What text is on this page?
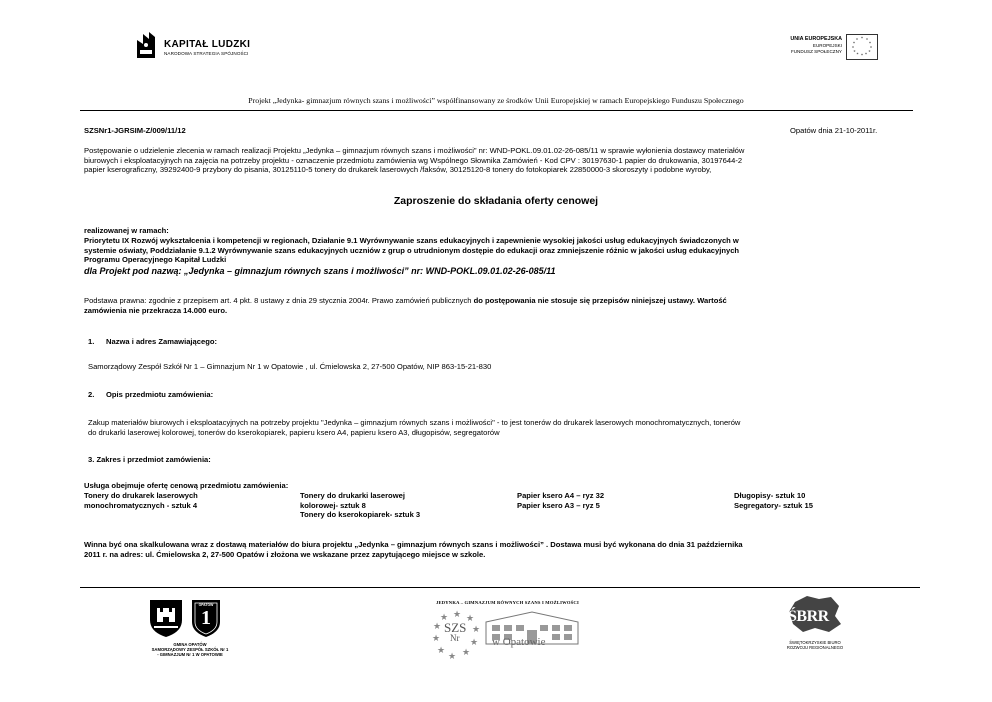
KAPITAŁ LUDZKI
NARODOWA STRATEGIA SPÓJNOŚCI
UNIA EUROPEJSKA
EUROPEJSKI
FUNDUSZ SPOŁECZNY
* *
*
*
*
*
*
*
*
*
*
*
Projekt „Jedynka- gimnazjum równych szans i możliwości” współfinansowany ze środków Unii Europejskiej w ramach Europejskiego Funduszu Społecznego
SZSNr1-JGRSIM-Z/009/11/12	Opatów dnia 21-10-2011r.
Postępowanie o udzielenie zlecenia w ramach realizacji Projektu „Jedynka – gimnazjum równych szans i możliwości” nr: WND-POKL.09.01.02-26-085/11 w sprawie wyłonienia dostawcy materiałów
biurowych i eksploatacyjnych na zajęcia na potrzeby projektu - oznaczenie przedmiotu zamówienia wg Wspólnego Słownika Zamówień - Kod CPV : 30197630-1 papier do drukowania, 30197644-2
papier kserograficzny, 39292400-9 przybory do pisania, 30125110-5 tonery do drukarek laserowych /faksów, 30125120-8 tonery do fotokopiarek 22850000-3 skoroszyty i podobne wyroby,
Zaproszenie do składania oferty cenowej
realizowanej w ramach:
Priorytetu IX Rozwój wykształcenia i kompetencji w regionach, Działanie 9.1 Wyrównywanie szans edukacyjnych i zapewnienie wysokiej jakości usług edukacyjnych świadczonych w
systemie oświaty, Poddziałanie 9.1.2 Wyrównywanie szans edukacyjnych uczniów z grup o utrudnionym dostępie do edukacji oraz zmniejszenie różnic w jakości usług edukacyjnych
Programu Operacyjnego Kapitał Ludzki
dla Projekt pod nazwą: „Jedynka – gimnazjum równych szans i możliwości” nr: WND-POKL.09.01.02-26-085/11
Podstawa prawna: zgodnie z przepisem art. 4 pkt. 8 ustawy z dnia 29 stycznia 2004r. Prawo zamówień publicznych do postępowania nie stosuje się przepisów niniejszej ustawy. Wartość
zamówienia nie przekracza 14.000 euro.
1. Nazwa i adres Zamawiającego:
Samorządowy Zespół Szkół Nr 1 – Gimnazjum Nr 1 w Opatowie , ul. Ćmielowska 2, 27-500 Opatów, NIP 863-15-21-830
2. Opis przedmiotu zamówienia:
Zakup materiałów biurowych i eksploatacyjnych na potrzeby projektu "Jedynka – gimnazjum równych szans i możliwości" - to jest tonerów do drukarek laserowych monochromatycznych, tonerów
do drukarki laserowej kolorowej, tonerów do kserokopiarek, papieru ksero A4, papieru ksero A3, długopisów, segregatorów
3. Zakres i przedmiot zamówienia:
Usługa obejmuje ofertę cenową przedmiotu zamówienia:
Tonery do drukarek laserowych
monochromatycznych - sztuk 4
Tonery do drukarki laserowej
kolorowej- sztuk 8
Tonery do kserokopiarek- sztuk 3
Papier ksero A4 – ryz 32
Papier ksero A3 – ryz 5
Długopisy- sztuk 10
Segregatory- sztuk 15
Winna być ona skalkulowana wraz z dostawą materiałów do biura projektu „Jedynka – gimnazjum równych szans i możliwości” . Dostawa musi być wykonana do dnia 31 października
2011 r. na adres: ul. Ćmielowska 2, 27-500 Opatów i złożona we wskazane przez zapytującego miejsce w szkole.
OPATÓW
1
GMINA OPATÓW
SAMORZĄDOWY ZESPÓŁ SZKÓŁ Nr 1
- GIMNAZJUM Nr 1 W OPATOWIE
JEDYNKA – GIMNAZJUM RÓWNYCH SZANS I MOŻLIWOŚCI
★ ★
★
★
★
★
★
★
★
★
SZS
Nr	w Opatowie
ŚBRR
ŚWIĘTOKRZYSKIE BIURO
ROZWOJU REGIONALNEGO
